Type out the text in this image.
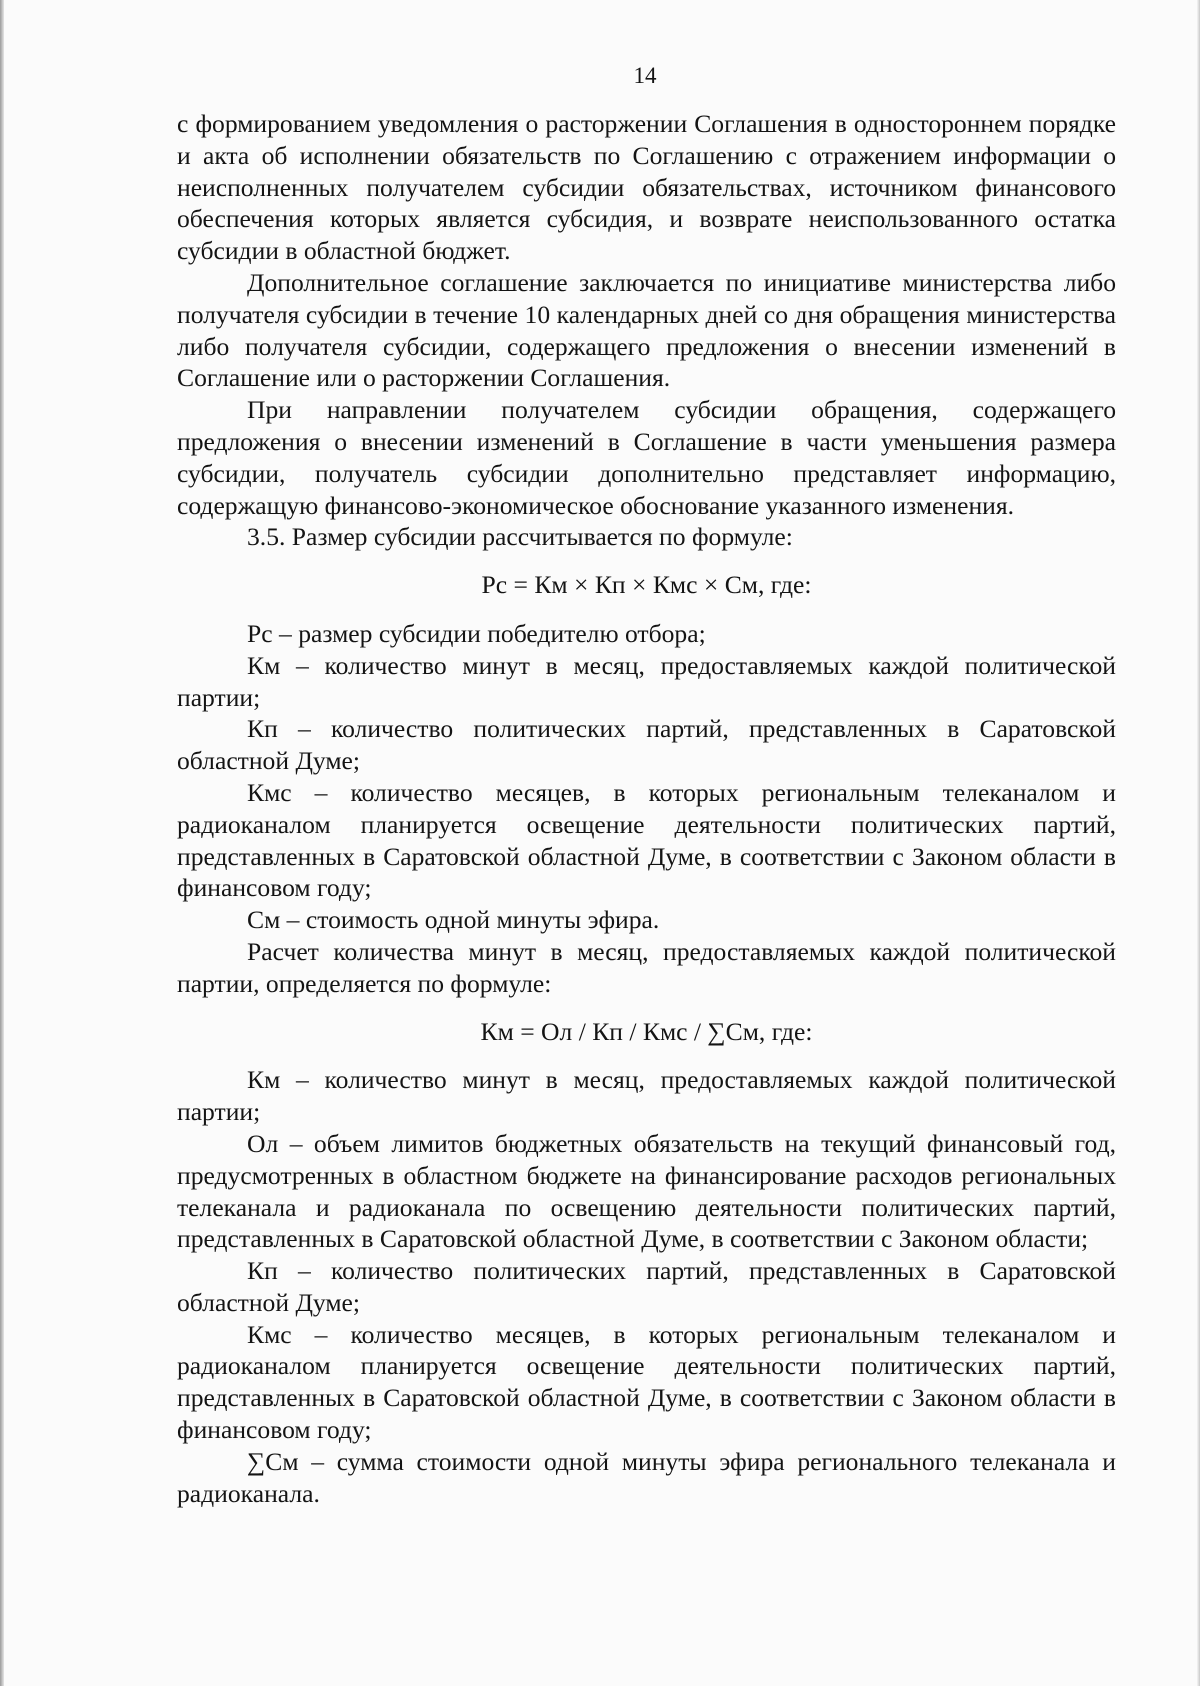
14

с формированием уведомления о расторжении Соглашения в одностороннем порядке и акта об исполнении обязательств по Соглашению с отражением информации о неисполненных получателем субсидии обязательствах, источником финансового обеспечения которых является субсидия, и возврате неиспользованного остатка субсидии в областной бюджет.

Дополнительное соглашение заключается по инициативе министерства либо получателя субсидии в течение 10 календарных дней со дня обращения министерства либо получателя субсидии, содержащего предложения о внесении изменений в Соглашение или о расторжении Соглашения.

При направлении получателем субсидии обращения, содержащего предложения о внесении изменений в Соглашение в части уменьшения размера субсидии, получатель субсидии дополнительно представляет информацию, содержащую финансово-экономическое обоснование указанного изменения.

3.5. Размер субсидии рассчитывается по формуле:

Рс = Км × Кп × Кмс × См, где:

Рс – размер субсидии победителю отбора;

Км – количество минут в месяц, предоставляемых каждой политической партии;

Кп – количество политических партий, представленных в Саратовской областной Думе;

Кмс – количество месяцев, в которых региональным телеканалом и радиоканалом планируется освещение деятельности политических партий, представленных в Саратовской областной Думе, в соответствии с Законом области в финансовом году;

См – стоимость одной минуты эфира.

Расчет количества минут в месяц, предоставляемых каждой политической партии, определяется по формуле:

Км = Ол / Кп / Кмс / ∑См, где:

Км – количество минут в месяц, предоставляемых каждой политической партии;

Ол – объем лимитов бюджетных обязательств на текущий финансовый год, предусмотренных в областном бюджете на финансирование расходов региональных телеканала и радиоканала по освещению деятельности политических партий, представленных в Саратовской областной Думе, в соответствии с Законом области;

Кп – количество политических партий, представленных в Саратовской областной Думе;

Кмс – количество месяцев, в которых региональным телеканалом и радиоканалом планируется освещение деятельности политических партий, представленных в Саратовской областной Думе, в соответствии с Законом области в финансовом году;

∑См – сумма стоимости одной минуты эфира регионального телеканала и радиоканала.
